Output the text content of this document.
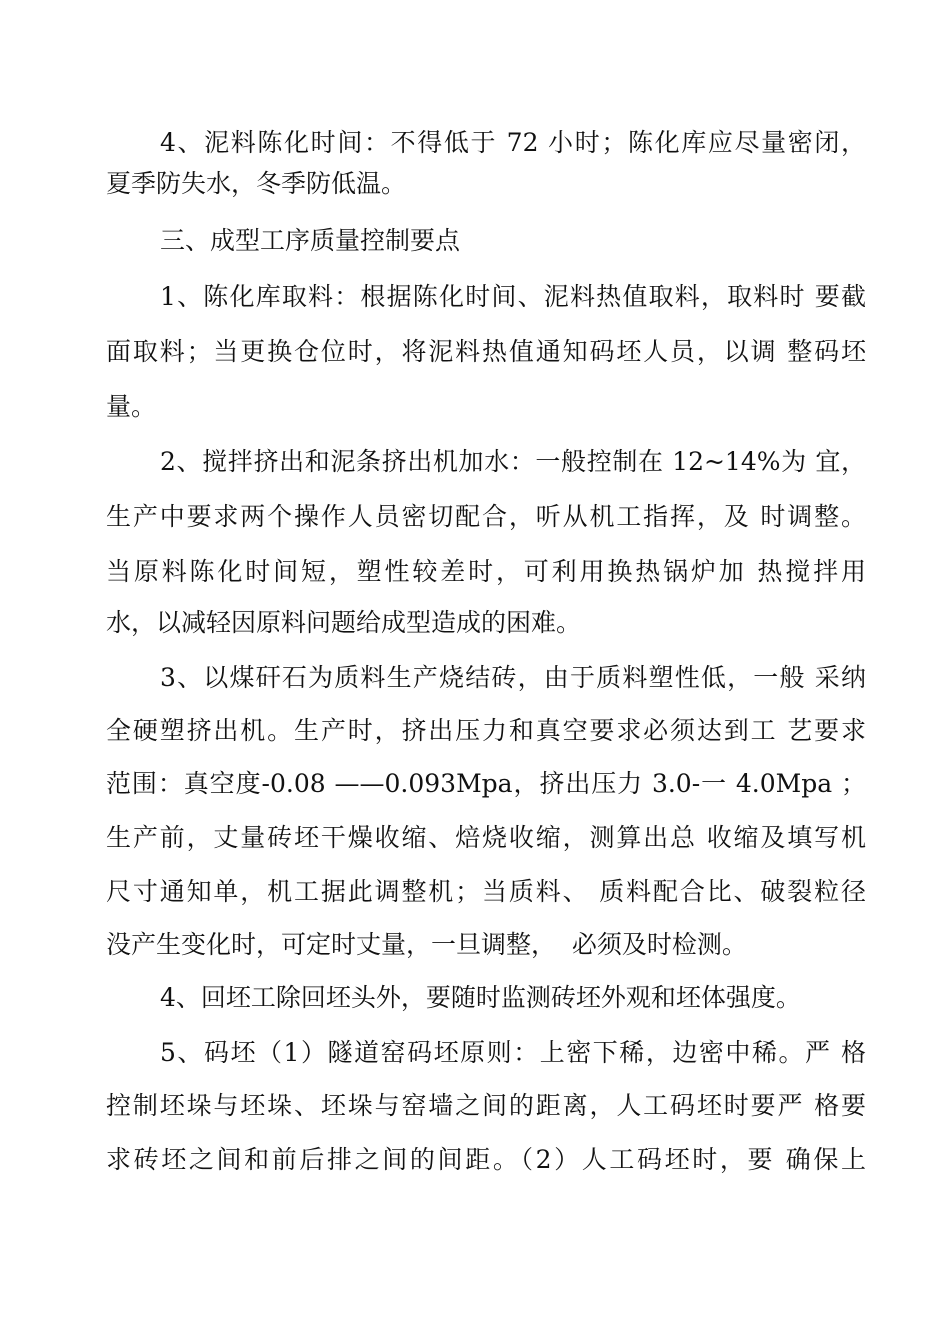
4、泥料陈化时间：不得低于 72 小时；陈化库应尽量密闭，
夏季防失水，冬季防低温。
三、成型工序质量控制要点
1、陈化库取料：根据陈化时间、泥料热值取料，取料时 要截
面取料；当更换仓位时，将泥料热值通知码坯人员，以调 整码坯
量。
2、搅拌挤出和泥条挤出机加水：一般控制在 12~14%为 宜，
生产中要求两个操作人员密切配合，听从机工指挥，及 时调整。
当原料陈化时间短，塑性较差时，可利用换热锅炉加 热搅拌用
水，以减轻因原料问题给成型造成的困难。
3、以煤矸石为质料生产烧结砖，由于质料塑性低，一般 采纳
全硬塑挤出机。生产时，挤出压力和真空要求必须达到工 艺要求
范围：真空度-0.08 ——0.093Mpa，挤出压力 3.0-一 4.0Mpa ；
生产前，丈量砖坯干燥收缩、焙烧收缩，测算出总 收缩及填写机
尺寸通知单，机工据此调整机；当质料、 质料配合比、破裂粒径
没产生变化时，可定时丈量，一旦调整，  必须及时检测。
4、回坯工除回坯头外，要随时监测砖坯外观和坯体强度。
5、码坯（1）隧道窑码坯原则：上密下稀，边密中稀。严 格
控制坯垛与坯垛、坯垛与窑墙之间的距离，人工码坯时要严 格要
求砖坯之间和前后排之间的间距。（2）人工码坯时，要 确保上
